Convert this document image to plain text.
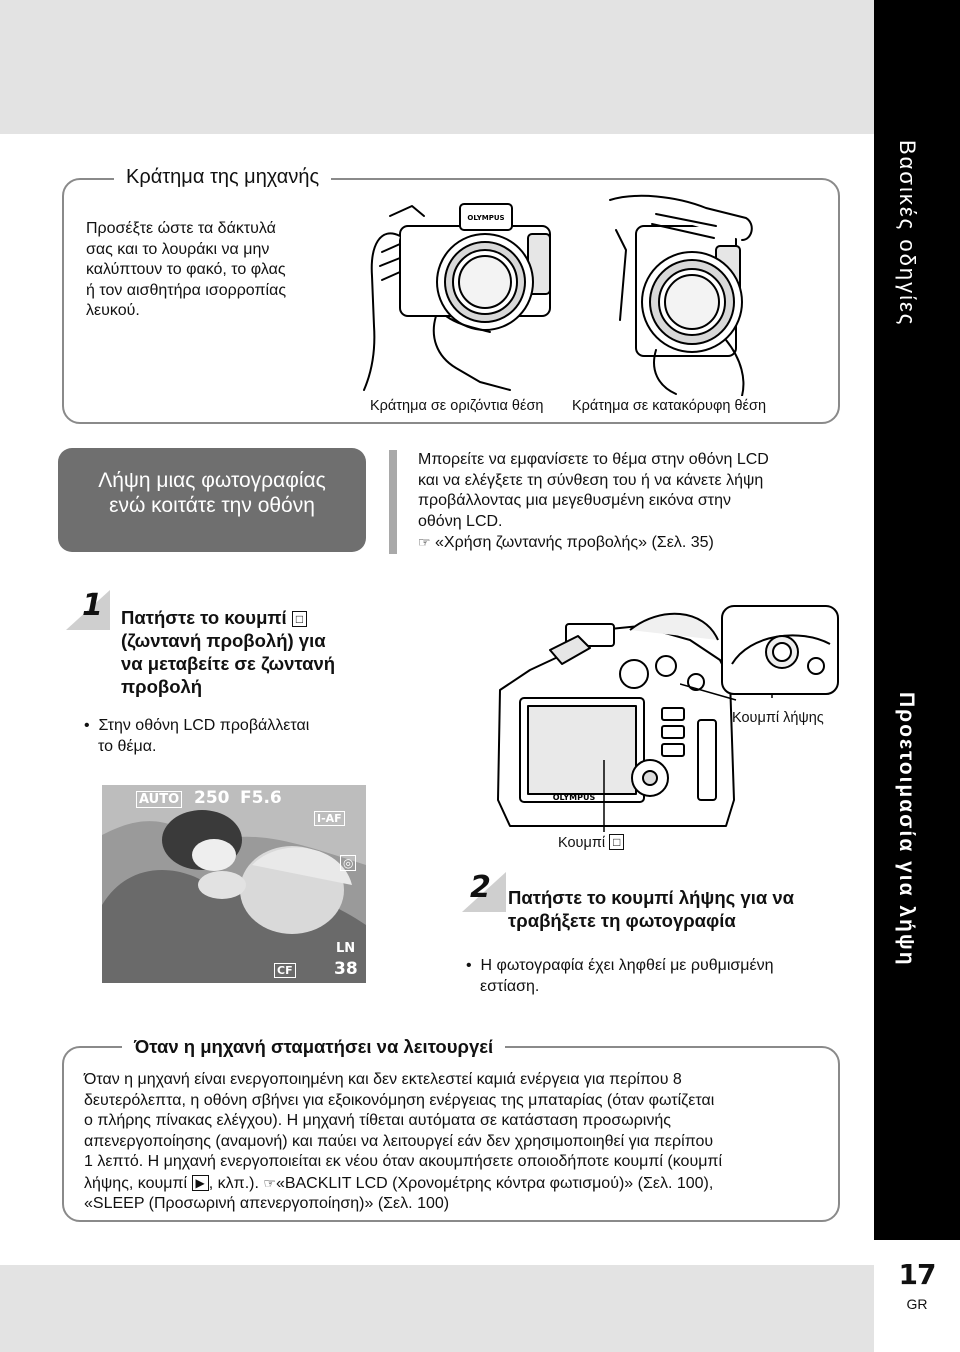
Βασικές οδηγίες
Προετοιμασία για λήψη
17
GR
Κράτημα της μηχανής
Προσέξτε ώστε τα δάκτυλά
σας και το λουράκι να μην
καλύπτουν το φακό, το φλας
ή τον αισθητήρα ισορροπίας
λευκού.
OLYMPUS
Κράτημα σε οριζόντια θέση Κράτημα σε κατακόρυφη θέση
Λήψη μιας φωτογραφίας
ενώ κοιτάτε την οθόνη
Μπορείτε να εμφανίσετε το θέμα στην οθόνη LCD
και να ελέγξετε τη σύνθεση του ή να κάνετε λήψη
προβάλλοντας μια μεγεθυσμένη εικόνα στην
οθόνη LCD.
☞ «Χρήση ζωντανής προβολής» (Σελ. 35)
1 Πατήστε το κουμπί □
(ζωντανή προβολή) για
να μεταβείτε σε ζωντανή
προβολή
•  Στην οθόνη LCD προβάλλεται
το θέμα.
AUTO 250 F5.6
I-AF
◎
CF
LN
38
OLYMPUS
Κουμπί λήψης
Κουμπί □
2 Πατήστε το κουμπί λήψης για να
τραβήξετε τη φωτογραφία
•  Η φωτογραφία έχει ληφθεί με ρυθμισμένη
εστίαση.
Όταν η μηχανή σταματήσει να λειτουργεί
Όταν η μηχανή είναι ενεργοποιημένη και δεν εκτελεστεί καμιά ενέργεια για περίπου 8
δευτερόλεπτα, η οθόνη σβήνει για εξοικονόμηση ενέργειας της μπαταρίας (όταν φωτίζεται
ο πλήρης πίνακας ελέγχου). Η μηχανή τίθεται αυτόματα σε κατάσταση προσωρινής
απενεργοποίησης (αναμονή) και παύει να λειτουργεί εάν δεν χρησιμοποιηθεί για περίπου
1 λεπτό. Η μηχανή ενεργοποιείται εκ νέου όταν ακουμπήσετε οποιοδήποτε κουμπί (κουμπί
λήψης, κουμπί ▶ , κλπ.). ☞«BACKLIT LCD (Χρονομέτρης κόντρα φωτισμού)» (Σελ. 100),
«SLEEP (Προσωρινή απενεργοποίηση)» (Σελ. 100)
